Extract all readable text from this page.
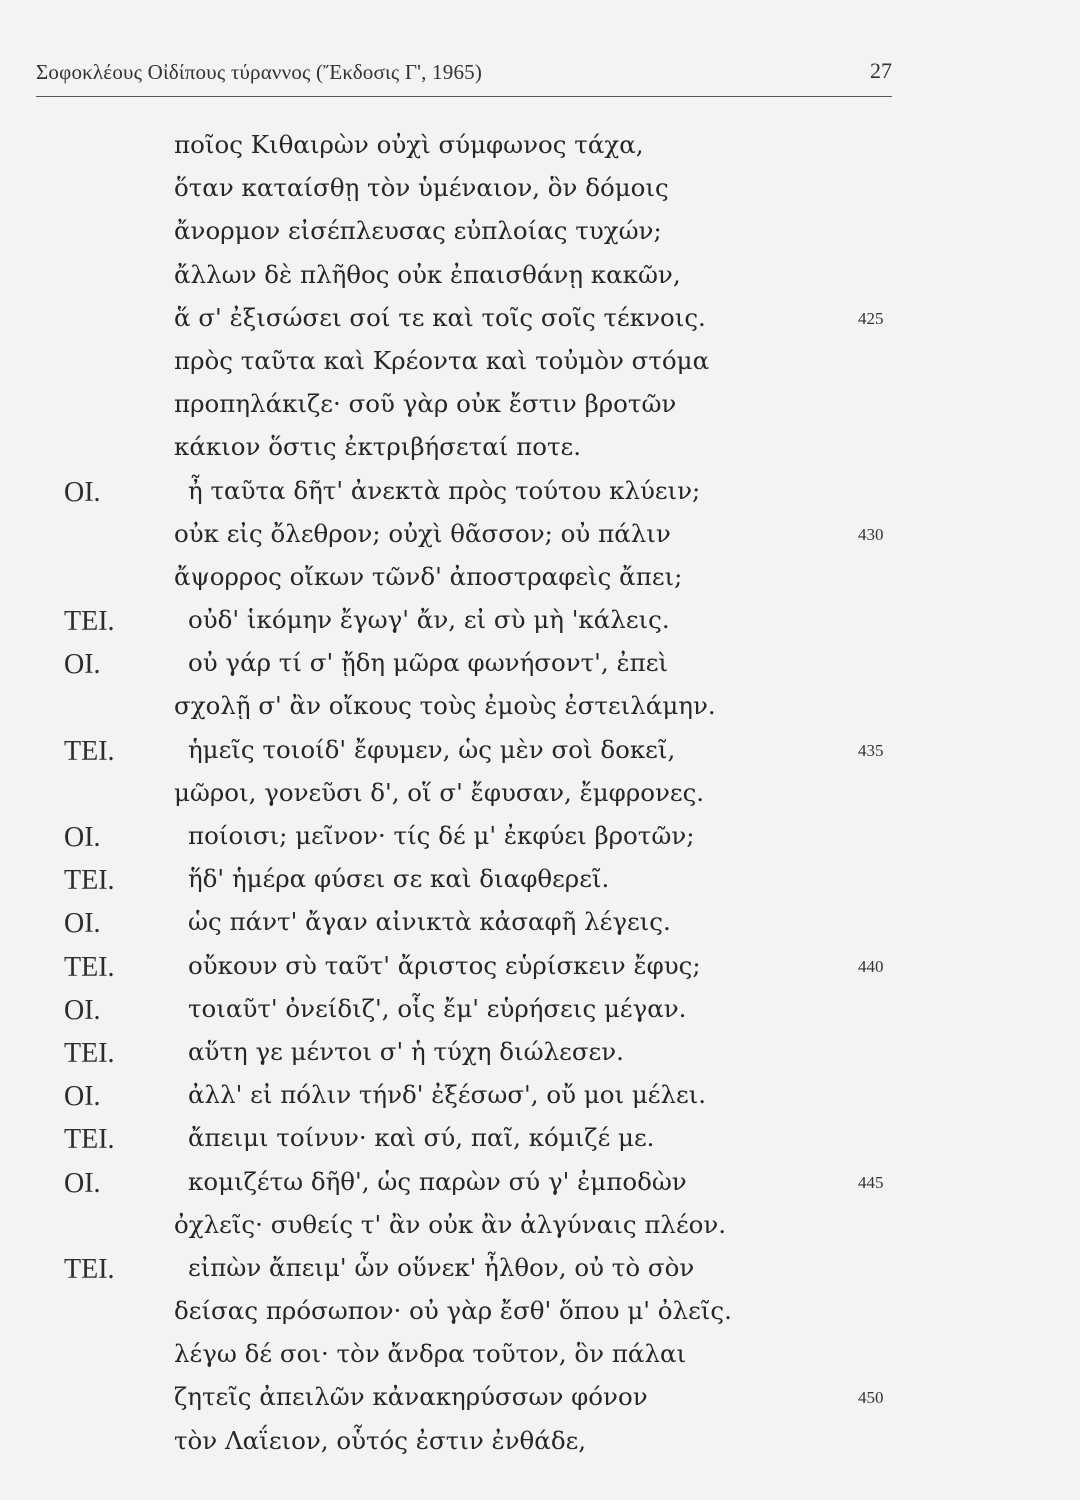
Σοφοκλέους Οἰδίπους τύραννος (Ἔκδοσις Γ', 1965)	27
ποῖος Κιθαιρὼν οὐχὶ σύμφωνος τάχα,
ὅταν καταίσθῃ τὸν ὑμέναιον, ὃν δόμοις
ἄνορμον εἰσέπλευσας εὐπλοίας τυχών;
ἄλλων δὲ πλῆθος οὐκ ἐπαισθάνῃ κακῶν,
ἅ σ' ἐξισώσει σοί τε καὶ τοῖς σοῖς τέκνοις.	425
πρὸς ταῦτα καὶ Κρέοντα καὶ τοὐμὸν στόμα
προπηλάκιζε· σοῦ γὰρ οὐκ ἔστιν βροτῶν
κάκιον ὅστις ἐκτριβήσεταί ποτε.
ΟΙ.	ἦ ταῦτα δῆτ' ἀνεκτὰ πρὸς τούτου κλύειν;
οὐκ εἰς ὄλεθρον; οὐχὶ θᾶσσον; οὐ πάλιν	430
ἄψορρος οἴκων τῶνδ' ἀποστραφεὶς ἄπει;
ΤΕΙ.	οὐδ' ἱκόμην ἔγωγ' ἄν, εἰ σὺ μὴ 'κάλεις.
ΟΙ.	οὐ γάρ τί σ' ᾔδη μῶρα φωνήσοντ', ἐπεὶ
σχολῇ σ' ἂν οἴκους τοὺς ἐμοὺς ἐστειλάμην.
ΤΕΙ.	ἡμεῖς τοιοίδ' ἔφυμεν, ὡς μὲν σοὶ δοκεῖ,	435
μῶροι, γονεῦσι δ', οἵ σ' ἔφυσαν, ἔμφρονες.
ΟΙ.	ποίοισι; μεῖνον· τίς δέ μ' ἐκφύει βροτῶν;
ΤΕΙ.	ἥδ' ἡμέρα φύσει σε καὶ διαφθερεῖ.
ΟΙ.	ὡς πάντ' ἄγαν αἰνικτὰ κἀσαφῆ λέγεις.
ΤΕΙ.	οὔκουν σὺ ταῦτ' ἄριστος εὑρίσκειν ἔφυς;	440
ΟΙ.	τοιαῦτ' ὀνείδιζ', οἷς ἔμ' εὑρήσεις μέγαν.
ΤΕΙ.	αὕτη γε μέντοι σ' ἡ τύχη διώλεσεν.
ΟΙ.	ἀλλ' εἰ πόλιν τήνδ' ἐξέσωσ', οὔ μοι μέλει.
ΤΕΙ.	ἄπειμι τοίνυν· καὶ σύ, παῖ, κόμιζέ με.
ΟΙ.	κομιζέτω δῆθ', ὡς παρὼν σύ γ' ἐμποδὼν	445
ὀχλεῖς· συθείς τ' ἂν οὐκ ἂν ἀλγύναις πλέον.
ΤΕΙ.	εἰπὼν ἄπειμ' ὧν οὕνεκ' ἦλθον, οὐ τὸ σὸν
δείσας πρόσωπον· οὐ γὰρ ἔσθ' ὅπου μ' ὀλεῖς.
λέγω δέ σοι· τὸν ἄνδρα τοῦτον, ὃν πάλαι
ζητεῖς ἀπειλῶν κἀνακηρύσσων φόνον	450
τὸν Λαΐειον, οὗτός ἐστιν ἐνθάδε,
